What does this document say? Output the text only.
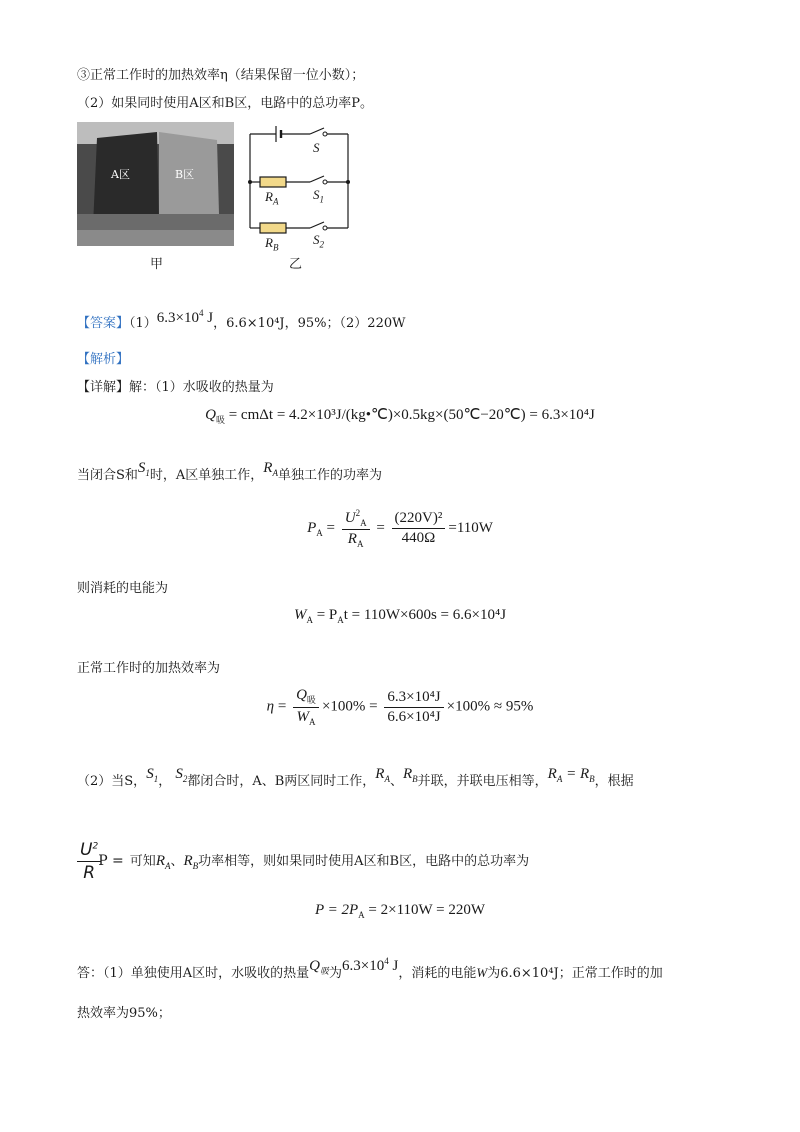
③正常工作时的加热效率η（结果保留一位小数）；
（2）如果同时使用A区和B区，电路中的总功率P。
A区	B区
甲
S
$R_A$	$S_1$
$R_B$
$S_2$
乙
【答案】$(1)6.3\times 10^4$ J，6.6×10⁴J，95%；（2）220W
【解析】
【详解】解：（1）水吸收的热量为
$Q_吸 = cm\Delta t$ = 4.2×10³J/(kg•℃)×0.5kg×(50℃−20℃) = 6.3×10⁴J
当闭合S和$S_1$时，A区单独工作，$R_A$单独工作的功率为
$P_A = \frac{U^2_A}{R_A} = \frac{\text{(220V)²}}{440\Omega} =110W$
则消耗的电能为
$W_A = P_At = 110W\times 600s = 6.6\times 10^4J$
正常工作时的加热效率为
$\eta = \frac{Q_吸}{W_A} \times 100\% = \frac{\text{6.3×10⁴J}}{\text{6.6×10⁴J}} \times 100\% \approx 95\%$
（2）当S，$S_1$， $S_2$都闭合时，A、B两区同时工作，$R_A$、$R_B$并联，并联电压相等，$R_A = R_B$，根据
$\frac{U^2}{R}$
P = 可知$R_A$、$R_B$功率相等，则如果同时使用A区和B区，电路中的总功率为
$P = 2P_A = 2\times 110W = 220W$
答：（1）单独使用A区时，水吸收的热量$Q_吸$为$6.3\times 10^4$ J，消耗的电能W为6.6×10⁴J；正常工作时的加
热效率为95%；
